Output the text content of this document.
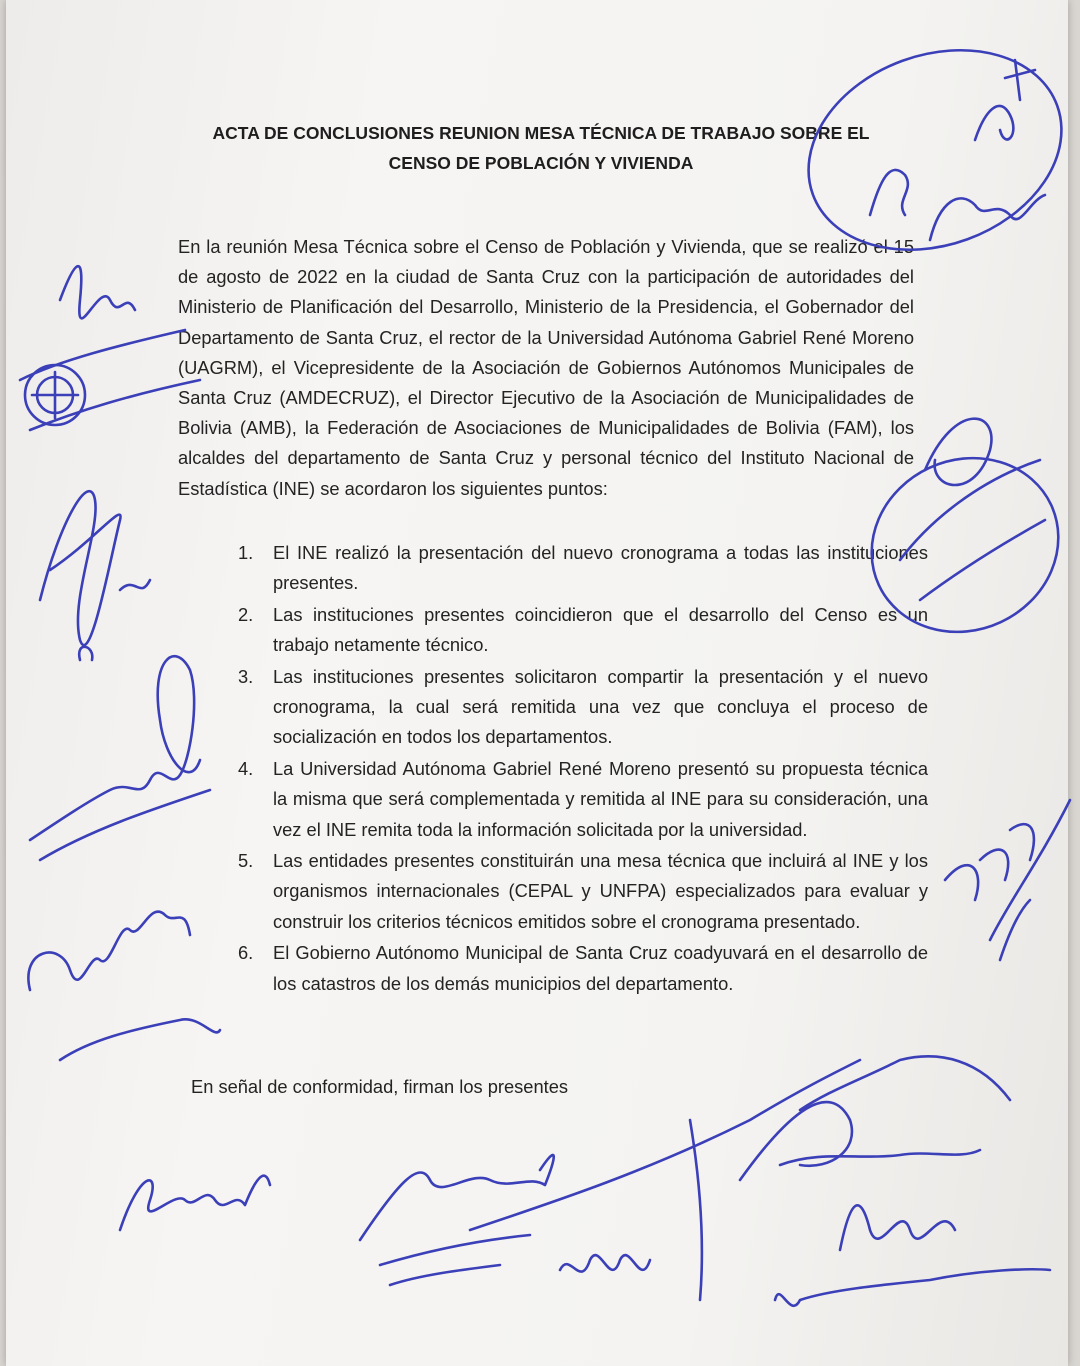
ACTA DE CONCLUSIONES REUNION MESA TÉCNICA DE TRABAJO SOBRE EL
CENSO DE POBLACIÓN Y VIVIENDA

En la reunión Mesa Técnica sobre el Censo de Población y Vivienda, que se realizó el 15 de agosto de 2022 en la ciudad de Santa Cruz con la participación de autoridades del Ministerio de Planificación del Desarrollo, Ministerio de la Presidencia, el Gobernador del Departamento de Santa Cruz, el rector de la Universidad Autónoma Gabriel René Moreno (UAGRM), el Vicepresidente de la Asociación de Gobiernos Autónomos Municipales de Santa Cruz (AMDECRUZ), el Director Ejecutivo de la Asociación de Municipalidades de Bolivia (AMB), la Federación de Asociaciones de Municipalidades de Bolivia (FAM), los alcaldes del departamento de Santa Cruz y personal técnico del Instituto Nacional de Estadística (INE) se acordaron los siguientes puntos:

1. El INE realizó la presentación del nuevo cronograma a todas las instituciones presentes.
2. Las instituciones presentes coincidieron que el desarrollo del Censo es un trabajo netamente técnico.
3. Las instituciones presentes solicitaron compartir la presentación y el nuevo cronograma, la cual será remitida una vez que concluya el proceso de socialización en todos los departamentos.
4. La Universidad Autónoma Gabriel René Moreno presentó su propuesta técnica la misma que será complementada y remitida al INE para su consideración, una vez el INE remita toda la información solicitada por la universidad.
5. Las entidades presentes constituirán una mesa técnica que incluirá al INE y los organismos internacionales (CEPAL y UNFPA) especializados para evaluar y construir los criterios técnicos emitidos sobre el cronograma presentado.
6. El Gobierno Autónomo Municipal de Santa Cruz coadyuvará en el desarrollo de los catastros de los demás municipios del departamento.
En señal de conformidad, firman los presentes
